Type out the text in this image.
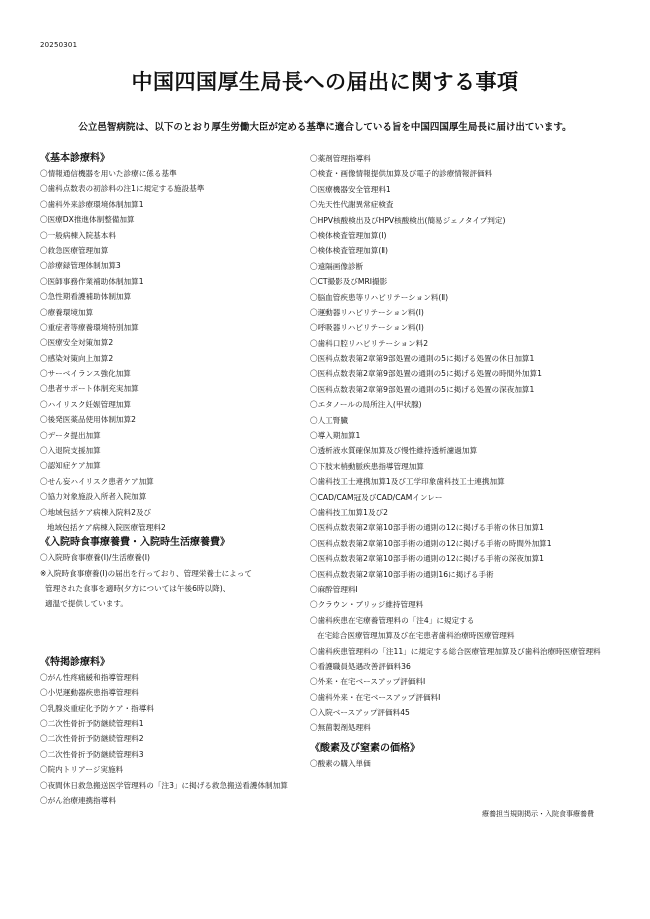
20250301
中国四国厚生局長への届出に関する事項
公立邑智病院は、以下のとおり厚生労働大臣が定める基準に適合している旨を中国四国厚生局長に届け出ています。
《基本診療料》
〇情報通信機器を用いた診療に係る基準
〇歯科点数表の初診料の注1に規定する施設基準
〇歯科外来診療環境体制加算1
〇医療DX推進体制整備加算
〇一般病棟入院基本料
〇救急医療管理加算
〇診療録管理体制加算3
〇医師事務作業補助体制加算1
〇急性期看護補助体制加算
〇療養環境加算
〇重症者等療養環境特別加算
〇医療安全対策加算2
〇感染対策向上加算2
〇サーベイランス強化加算
〇患者サポート体制充実加算
〇ハイリスク妊娠管理加算
〇後発医薬品使用体制加算2
〇データ提出加算
〇入退院支援加算
〇認知症ケア加算
〇せん妄ハイリスク患者ケア加算
〇協力対象施設入所者入院加算
〇地域包括ケア病棟入院料2及び
地域包括ケア病棟入院医療管理料2
《入院時食事療養費・入院時生活療養費》
〇入院時食事療養(Ⅰ)/生活療養(Ⅰ)
※入院時食事療養(Ⅰ)の届出を行っており、管理栄養士によって
管理された食事を適時(夕方については午後6時以降)、
適温で提供しています。
《特掲診療料》
〇がん性疼痛緩和指導管理料
〇小児運動器疾患指導管理料
〇乳腺炎重症化予防ケア・指導料
〇二次性骨折予防継続管理料1
〇二次性骨折予防継続管理料2
〇二次性骨折予防継続管理料3
〇院内トリアージ実施料
〇夜間休日救急搬送医学管理料の「注3」に掲げる救急搬送看護体制加算
〇がん治療連携指導料
〇薬剤管理指導料
〇検査・画像情報提供加算及び電子的診療情報評価料
〇医療機器安全管理料1
〇先天性代謝異常症検査
〇HPV核酸検出及びHPV核酸検出(簡易ジェノタイプ判定)
〇検体検査管理加算(Ⅰ)
〇検体検査管理加算(Ⅱ)
〇遠隔画像診断
〇CT撮影及びMRI撮影
〇脳血管疾患等リハビリテーション料(Ⅱ)
〇運動器リハビリテーション料(Ⅰ)
〇呼吸器リハビリテーション料(Ⅰ)
〇歯科口腔リハビリテーション料2
〇医科点数表第2章第9部処置の通則の5に掲げる処置の休日加算1
〇医科点数表第2章第9部処置の通則の5に掲げる処置の時間外加算1
〇医科点数表第2章第9部処置の通則の5に掲げる処置の深夜加算1
〇エタノールの局所注入(甲状腺)
〇人工腎臓
〇導入期加算1
〇透析液水質確保加算及び慢性維持透析濾過加算
〇下肢末梢動脈疾患指導管理加算
〇歯科技工士連携加算1及び工学印象歯科技工士連携加算
〇CAD/CAM冠及びCAD/CAMインレー
〇歯科技工加算1及び2
〇医科点数表第2章第10部手術の通則の12に掲げる手術の休日加算1
〇医科点数表第2章第10部手術の通則の12に掲げる手術の時間外加算1
〇医科点数表第2章第10部手術の通則の12に掲げる手術の深夜加算1
〇医科点数表第2章第10部手術の通則16に掲げる手術
〇麻酔管理料Ⅰ
〇クラウン・ブリッジ維持管理料
〇歯科疾患在宅療養管理料の「注4」に規定する
在宅総合医療管理加算及び在宅患者歯科治療時医療管理料
〇歯科疾患管理料の「注11」に規定する総合医療管理加算及び歯科治療時医療管理料
〇看護職員処遇改善評価料36
〇外来・在宅ベースアップ評価料Ⅰ
〇歯科外来・在宅ベースアップ評価料Ⅰ
〇入院ベースアップ評価料45
〇無菌製剤処理料
《酸素及び窒素の価格》
〇酸素の購入単価
療養担当規則掲示・入院食事療養費
